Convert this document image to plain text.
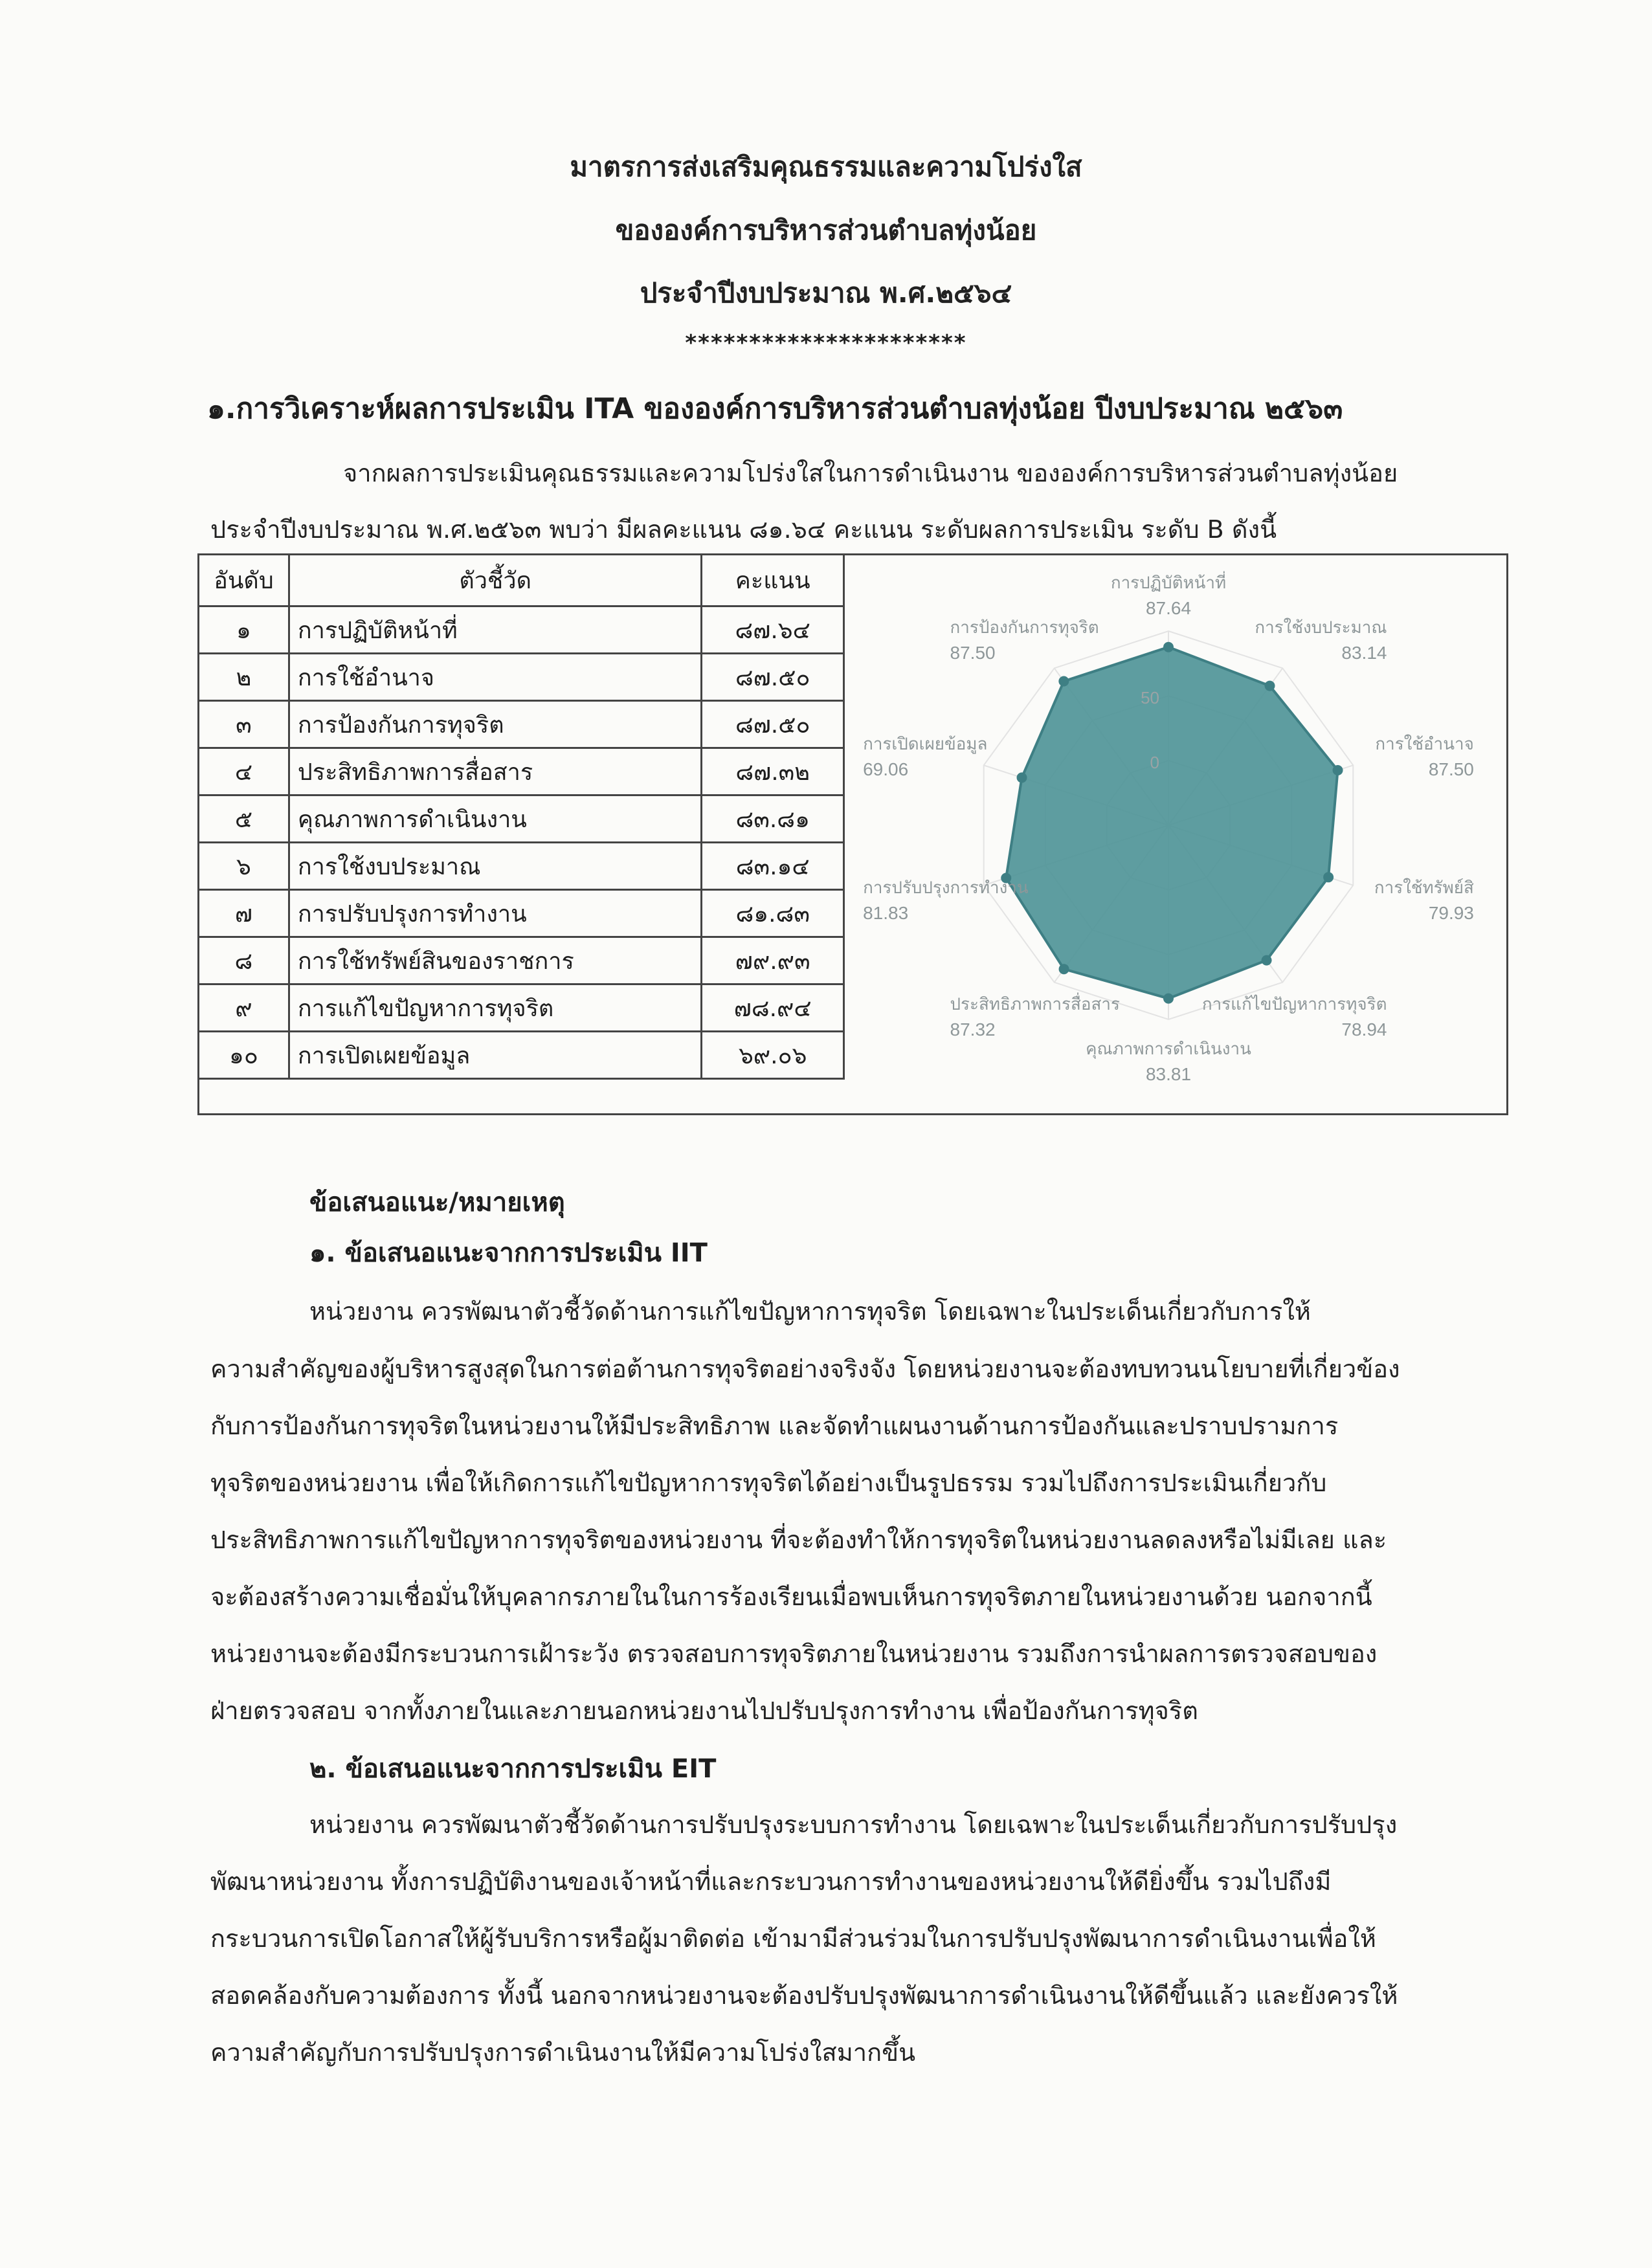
มาตรการส่งเสริมคุณธรรมและความโปร่งใส
ขององค์การบริหารส่วนตำบลทุ่งน้อย
ประจำปีงบประมาณ พ.ศ.๒๕๖๔
**********************
๑.การวิเคราะห์ผลการประเมิน ITA ขององค์การบริหารส่วนตำบลทุ่งน้อย ปีงบประมาณ ๒๕๖๓
จากผลการประเมินคุณธรรมและความโปร่งใสในการดำเนินงาน ขององค์การบริหารส่วนตำบลทุ่งน้อย
ประจำปีงบประมาณ พ.ศ.๒๕๖๓ พบว่า มีผลคะแนน ๘๑.๖๔ คะแนน ระดับผลการประเมิน ระดับ B ดังนี้
อันดับ	ตัวชี้วัด	คะแนน
๑	การปฏิบัติหน้าที่	๘๗.๖๔
๒	การใช้อำนาจ	๘๗.๕๐
๓	การป้องกันการทุจริต	๘๗.๕๐
๔	ประสิทธิภาพการสื่อสาร	๘๗.๓๒
๕	คุณภาพการดำเนินงาน	๘๓.๘๑
๖	การใช้งบประมาณ	๘๓.๑๔
๗	การปรับปรุงการทำงาน	๘๑.๘๓
๘	การใช้ทรัพย์สินของราชการ	๗๙.๙๓
๙	การแก้ไขปัญหาการทุจริต	๗๘.๙๔
๑๐	การเปิดเผยข้อมูล	๖๙.๐๖
50
0
การปฏิบัติหน้าที่
87.64
การใช้งบประมาณ
83.14
การใช้อำนาจ
87.50
การใช้ทรัพย์สิ
79.93
การแก้ไขปัญหาการทุจริต
78.94
คุณภาพการดำเนินงาน
83.81
ประสิทธิภาพการสื่อสาร
87.32
การปรับปรุงการทำงาน
81.83
การเปิดเผยข้อมูล
69.06
การป้องกันการทุจริต
87.50
ข้อเสนอแนะ/หมายเหตุ
๑. ข้อเสนอแนะจากการประเมิน IIT
หน่วยงาน ควรพัฒนาตัวชี้วัดด้านการแก้ไขปัญหาการทุจริต โดยเฉพาะในประเด็นเกี่ยวกับการให้
ความสำคัญของผู้บริหารสูงสุดในการต่อต้านการทุจริตอย่างจริงจัง โดยหน่วยงานจะต้องทบทวนนโยบายที่เกี่ยวข้อง
กับการป้องกันการทุจริตในหน่วยงานให้มีประสิทธิภาพ และจัดทำแผนงานด้านการป้องกันและปราบปรามการ
ทุจริตของหน่วยงาน เพื่อให้เกิดการแก้ไขปัญหาการทุจริตได้อย่างเป็นรูปธรรม รวมไปถึงการประเมินเกี่ยวกับ
ประสิทธิภาพการแก้ไขปัญหาการทุจริตของหน่วยงาน ที่จะต้องทำให้การทุจริตในหน่วยงานลดลงหรือไม่มีเลย และ
จะต้องสร้างความเชื่อมั่นให้บุคลากรภายในในการร้องเรียนเมื่อพบเห็นการทุจริตภายในหน่วยงานด้วย นอกจากนี้
หน่วยงานจะต้องมีกระบวนการเฝ้าระวัง ตรวจสอบการทุจริตภายในหน่วยงาน รวมถึงการนำผลการตรวจสอบของ
ฝ่ายตรวจสอบ จากทั้งภายในและภายนอกหน่วยงานไปปรับปรุงการทำงาน เพื่อป้องกันการทุจริต
๒. ข้อเสนอแนะจากการประเมิน EIT
หน่วยงาน ควรพัฒนาตัวชี้วัดด้านการปรับปรุงระบบการทำงาน โดยเฉพาะในประเด็นเกี่ยวกับการปรับปรุง
พัฒนาหน่วยงาน ทั้งการปฏิบัติงานของเจ้าหน้าที่และกระบวนการทำงานของหน่วยงานให้ดียิ่งขึ้น รวมไปถึงมี
กระบวนการเปิดโอกาสให้ผู้รับบริการหรือผู้มาติดต่อ เข้ามามีส่วนร่วมในการปรับปรุงพัฒนาการดำเนินงานเพื่อให้
สอดคล้องกับความต้องการ ทั้งนี้ นอกจากหน่วยงานจะต้องปรับปรุงพัฒนาการดำเนินงานให้ดีขึ้นแล้ว และยังควรให้
ความสำคัญกับการปรับปรุงการดำเนินงานให้มีความโปร่งใสมากขึ้น
